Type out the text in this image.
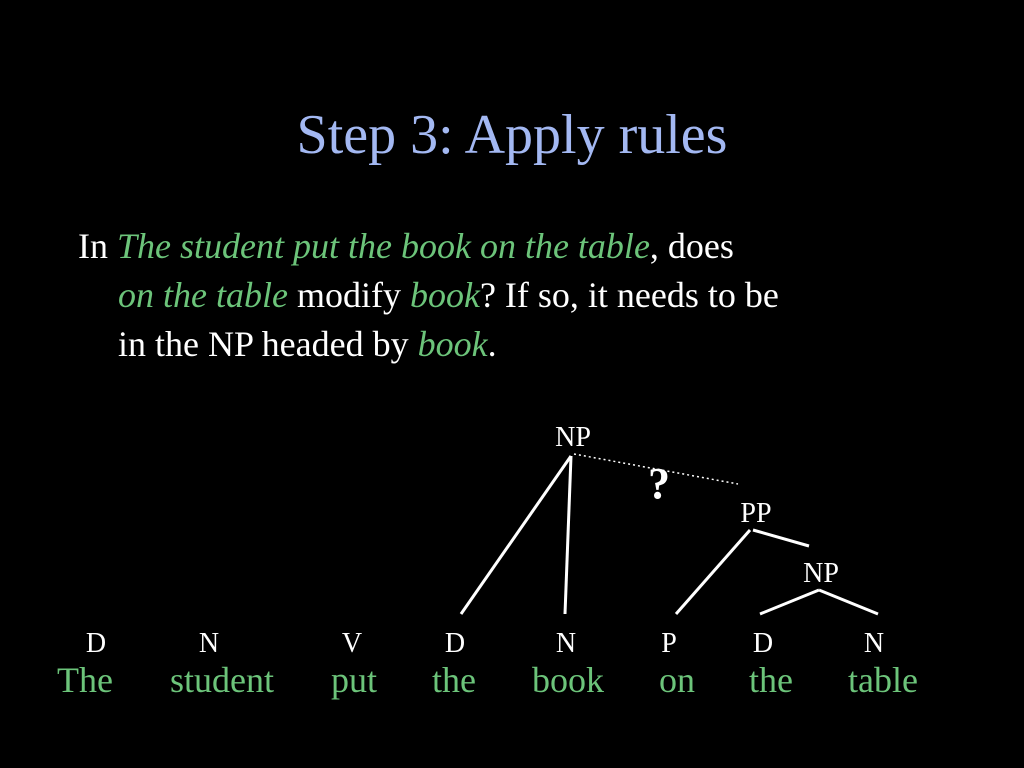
Step 3: Apply rules
In The student put the book on the table, does
on the table modify book? If so, it needs to be
in the NP headed by book.
NP
?
PP
NP
D	N	V	D	N	P	D	N
The student put the book on the table
